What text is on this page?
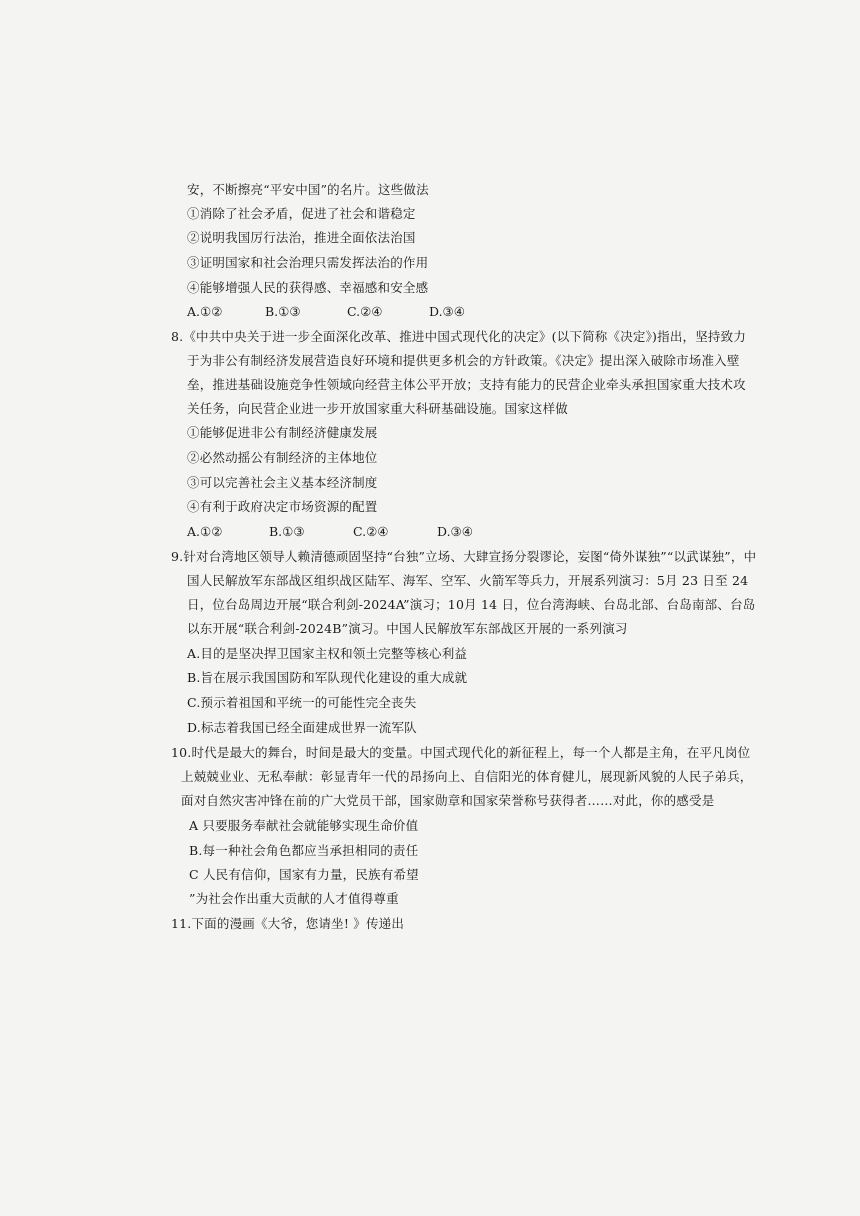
安，不断擦亮“平安中国”的名片。这些做法
①消除了社会矛盾，促进了社会和谐稳定
②说明我国厉行法治，推进全面依法治国
③证明国家和社会治理只需发挥法治的作用
④能够增强人民的获得感、幸福感和安全感
A.①②	B.①③	C.②④	D.③④
8.《中共中央关于进一步全面深化改革、推进中国式现代化的决定》(以下简称《决定》)指出，坚持致力
于为非公有制经济发展营造良好环境和提供更多机会的方针政策。《决定》提出深入破除市场准入壁
垒，推进基础设施竞争性领域向经营主体公平开放；支持有能力的民营企业牵头承担国家重大技术攻
关任务，向民营企业进一步开放国家重大科研基础设施。国家这样做
①能够促进非公有制经济健康发展
②必然动摇公有制经济的主体地位
③可以完善社会主义基本经济制度
④有利于政府决定市场资源的配置
A.①②	B.①③	C.②④	D.③④
9.针对台湾地区领导人赖清德顽固坚持“台独”立场、大肆宣扬分裂谬论，妄图“倚外谋独”“以武谋独”，中
国人民解放军东部战区组织战区陆军、海军、空军、火箭军等兵力，开展系列演习：5月 23 日至 24
日，位台岛周边开展“联合利剑-2024A”演习；10月 14 日，位台湾海峡、台岛北部、台岛南部、台岛
以东开展“联合利剑-2024B”演习。中国人民解放军东部战区开展的一系列演习
A.目的是坚决捍卫国家主权和领土完整等核心利益
B.旨在展示我国国防和军队现代化建设的重大成就
C.预示着祖国和平统一的可能性完全丧失
D.标志着我国已经全面建成世界一流军队
10.时代是最大的舞台，时间是最大的变量。中国式现代化的新征程上，每一个人都是主角，在平凡岗位
上兢兢业业、无私奉献：彰显青年一代的昂扬向上、自信阳光的体育健儿，展现新风貌的人民子弟兵，
面对自然灾害冲锋在前的广大党员干部，国家勋章和国家荣誉称号获得者……对此，你的感受是
A 只要服务奉献社会就能够实现生命价值
B.每一种社会角色都应当承担相同的责任
C 人民有信仰，国家有力量，民族有希望
”为社会作出重大贡献的人才值得尊重
11.下面的漫画《大爷，您请坐! 》传递出
